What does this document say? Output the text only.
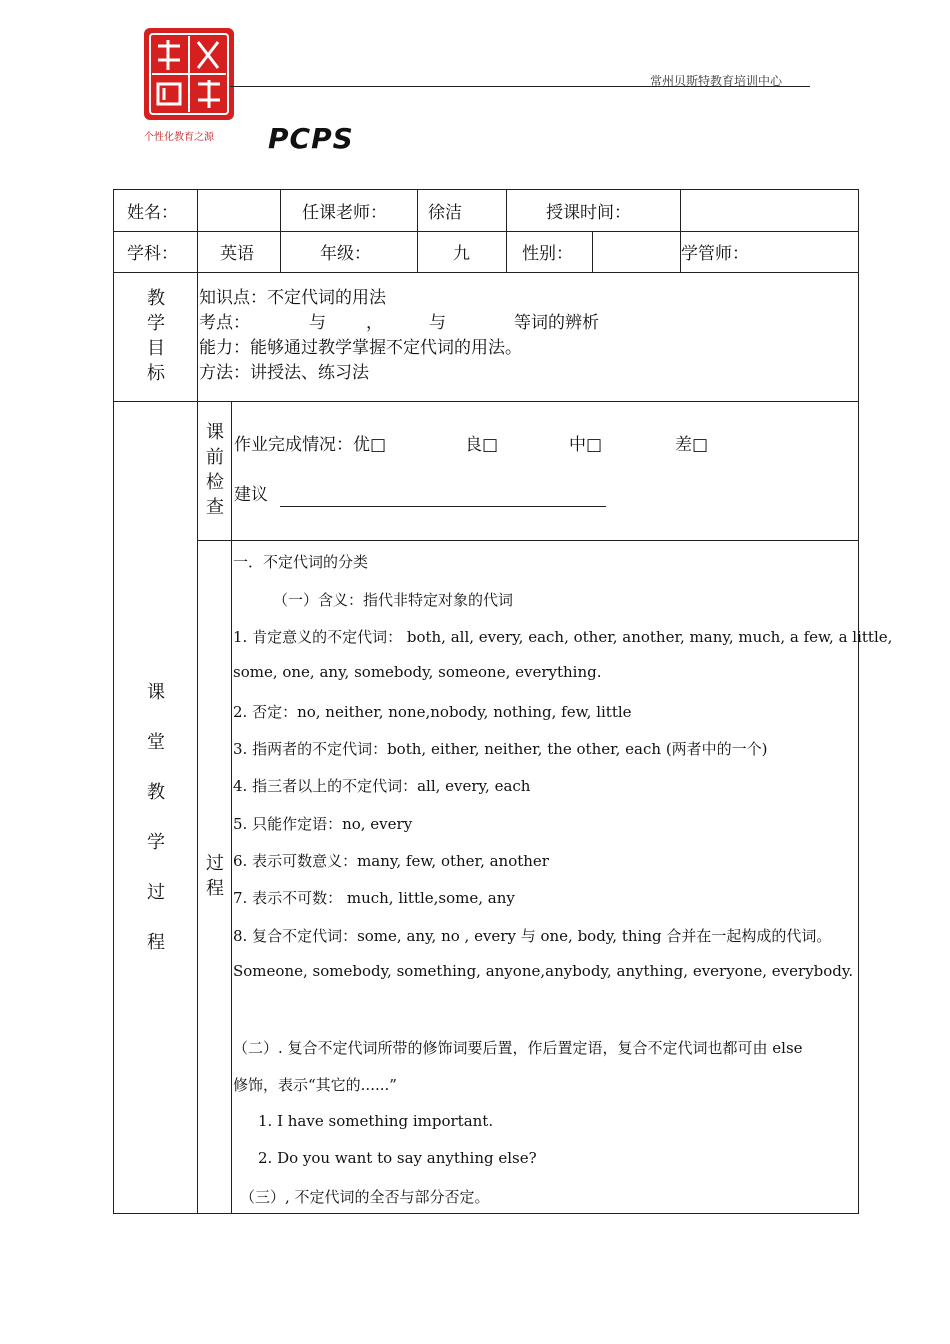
个性化教育之源
常州贝斯特教育培训中心
PCPS
姓名：	任课老师： 徐洁	授课时间：
学科： 英语	年级：	九	性别：	学管师：
教
学
目
标
知识点：不定代词的用法
考点：	与 ，	与	等词的辨析
能力：能够通过教学掌握不定代词的用法。
方法：讲授法、练习法
课
前
检
查
作业完成情况：优□	良□	中□	差□
建议
课
堂
教
学
过
程
过
程
一．不定代词的分类
（一）含义：指代非特定对象的代词
1. 肯定意义的不定代词： both, all, every, each, other, another, many, much, a few, a little,
some, one, any, somebody, someone, everything.
2. 否定：no, neither, none,nobody, nothing, few, little
3. 指两者的不定代词：both, either, neither, the other, each (两者中的一个)
4. 指三者以上的不定代词：all, every, each
5. 只能作定语：no, every
6. 表示可数意义：many, few, other, another
7. 表示不可数： much, little,some, any
8. 复合不定代词：some, any, no , every 与 one, body, thing 合并在一起构成的代词。
Someone, somebody, something, anyone,anybody, anything, everyone, everybody.
（二）. 复合不定代词所带的修饰词要后置，作后置定语，复合不定代词也都可由 else
修饰，表示“其它的......”
1. I have something important.
2. Do you want to say anything else?
（三）, 不定代词的全否与部分否定。
